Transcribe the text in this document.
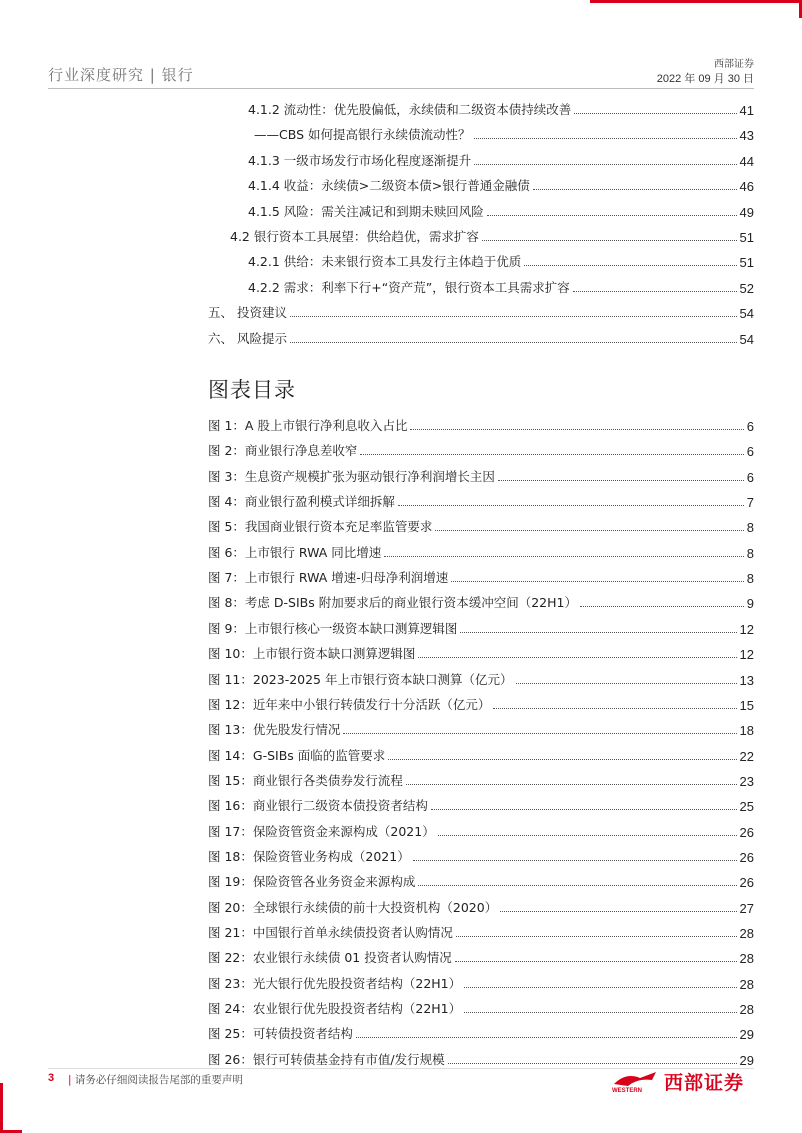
行业深度研究 | 银行
西部证券
2022 年 09 月 30 日
4.1.2 流动性：优先股偏低，永续债和二级资本债持续改善	41
——CBS 如何提高银行永续债流动性？	43
4.1.3 一级市场发行市场化程度逐渐提升	44
4.1.4 收益：永续债>二级资本债>银行普通金融债	46
4.1.5 风险：需关注减记和到期未赎回风险	49
4.2 银行资本工具展望：供给趋优，需求扩容	51
4.2.1 供给：未来银行资本工具发行主体趋于优质	51
4.2.2 需求：利率下行+“资产荒”，银行资本工具需求扩容	52
五、 投资建议	54
六、 风险提示	54
图表目录
图 1：A 股上市银行净利息收入占比	6
图 2：商业银行净息差收窄	6
图 3：生息资产规模扩张为驱动银行净利润增长主因	6
图 4：商业银行盈利模式详细拆解	7
图 5：我国商业银行资本充足率监管要求	8
图 6：上市银行 RWA 同比增速	8
图 7：上市银行 RWA 增速-归母净利润增速	8
图 8：考虑 D-SIBs 附加要求后的商业银行资本缓冲空间（22H1）	9
图 9：上市银行核心一级资本缺口测算逻辑图	12
图 10：上市银行资本缺口测算逻辑图	12
图 11：2023-2025 年上市银行资本缺口测算（亿元）	13
图 12：近年来中小银行转债发行十分活跃（亿元）	15
图 13：优先股发行情况	18
图 14：G-SIBs 面临的监管要求	22
图 15：商业银行各类债券发行流程	23
图 16：商业银行二级资本债投资者结构	25
图 17：保险资管资金来源构成（2021）	26
图 18：保险资管业务构成（2021）	26
图 19：保险资管各业务资金来源构成	26
图 20：全球银行永续债的前十大投资机构（2020）	27
图 21：中国银行首单永续债投资者认购情况	28
图 22：农业银行永续债 01 投资者认购情况	28
图 23：光大银行优先股投资者结构（22H1）	28
图 24：农业银行优先股投资者结构（22H1）	28
图 25：可转债投资者结构	29
图 26：银行可转债基金持有市值/发行规模	29
3 | 请务必仔细阅读报告尾部的重要声明
WESTERN 西部证券
